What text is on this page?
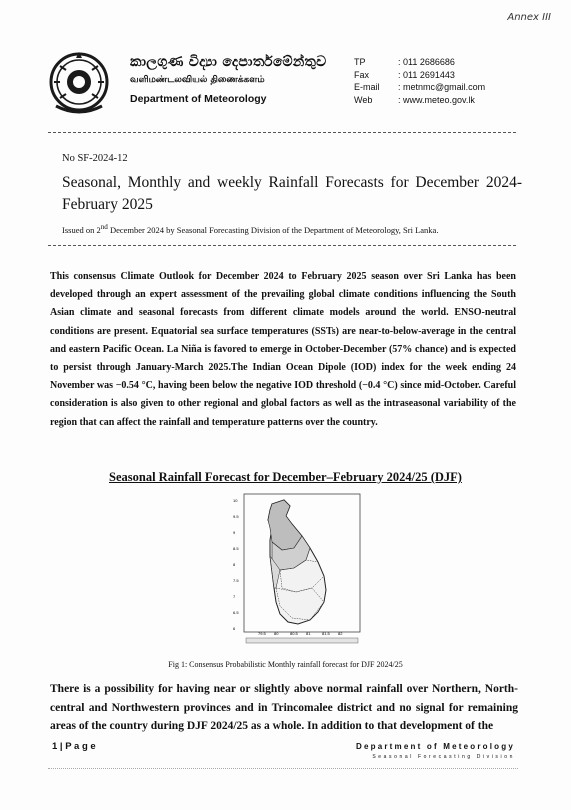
Annex III
කාලගුණ විද්‍යා දෙපාර්තමේන්තුව
வளிமண்டலவியல் திணைக்களம்
Department of Meteorology
TP	: 011 2686686
Fax	: 011 2691443
E-mail	: metnmc@gmail.com
Web	: www.meteo.gov.lk
No SF-2024-12
Seasonal, Monthly and weekly Rainfall Forecasts for December 2024-February 2025
Issued on 2nd December 2024 by Seasonal Forecasting Division of the Department of Meteorology, Sri Lanka.
This consensus Climate Outlook for December 2024 to February 2025 season over Sri Lanka has been developed through an expert assessment of the prevailing global climate conditions influencing the South Asian climate and seasonal forecasts from different climate models around the world. ENSO-neutral conditions are present. Equatorial sea surface temperatures (SSTs) are near-to-below-average in the central and eastern Pacific Ocean. La Niña is favored to emerge in October-December (57% chance) and is expected to persist through January-March 2025.The Indian Ocean Dipole (IOD) index for the week ending 24 November was −0.54 °C, having been below the negative IOD threshold (−0.4 °C) since mid-October. Careful consideration is also given to other regional and global factors as well as the intraseasonal variability of the region that can affect the rainfall and temperature patterns over the country.
Seasonal Rainfall Forecast for December–February 2024/25 (DJF)
10
9.5
9
8.5
8
7.5
7
6.5
6
79.5 80	80.5 81	81.5 82
Fig 1: Consensus Probabilistic Monthly rainfall forecast for DJF 2024/25
There is a possibility for having near or slightly above normal rainfall over Northern, North-central and Northwestern provinces and in Trincomalee district and no signal for remaining areas of the country during DJF 2024/25 as a whole. In addition to that development of the
1 | P a g e	Department of Meteorology
Seasonal Forecasting Division
